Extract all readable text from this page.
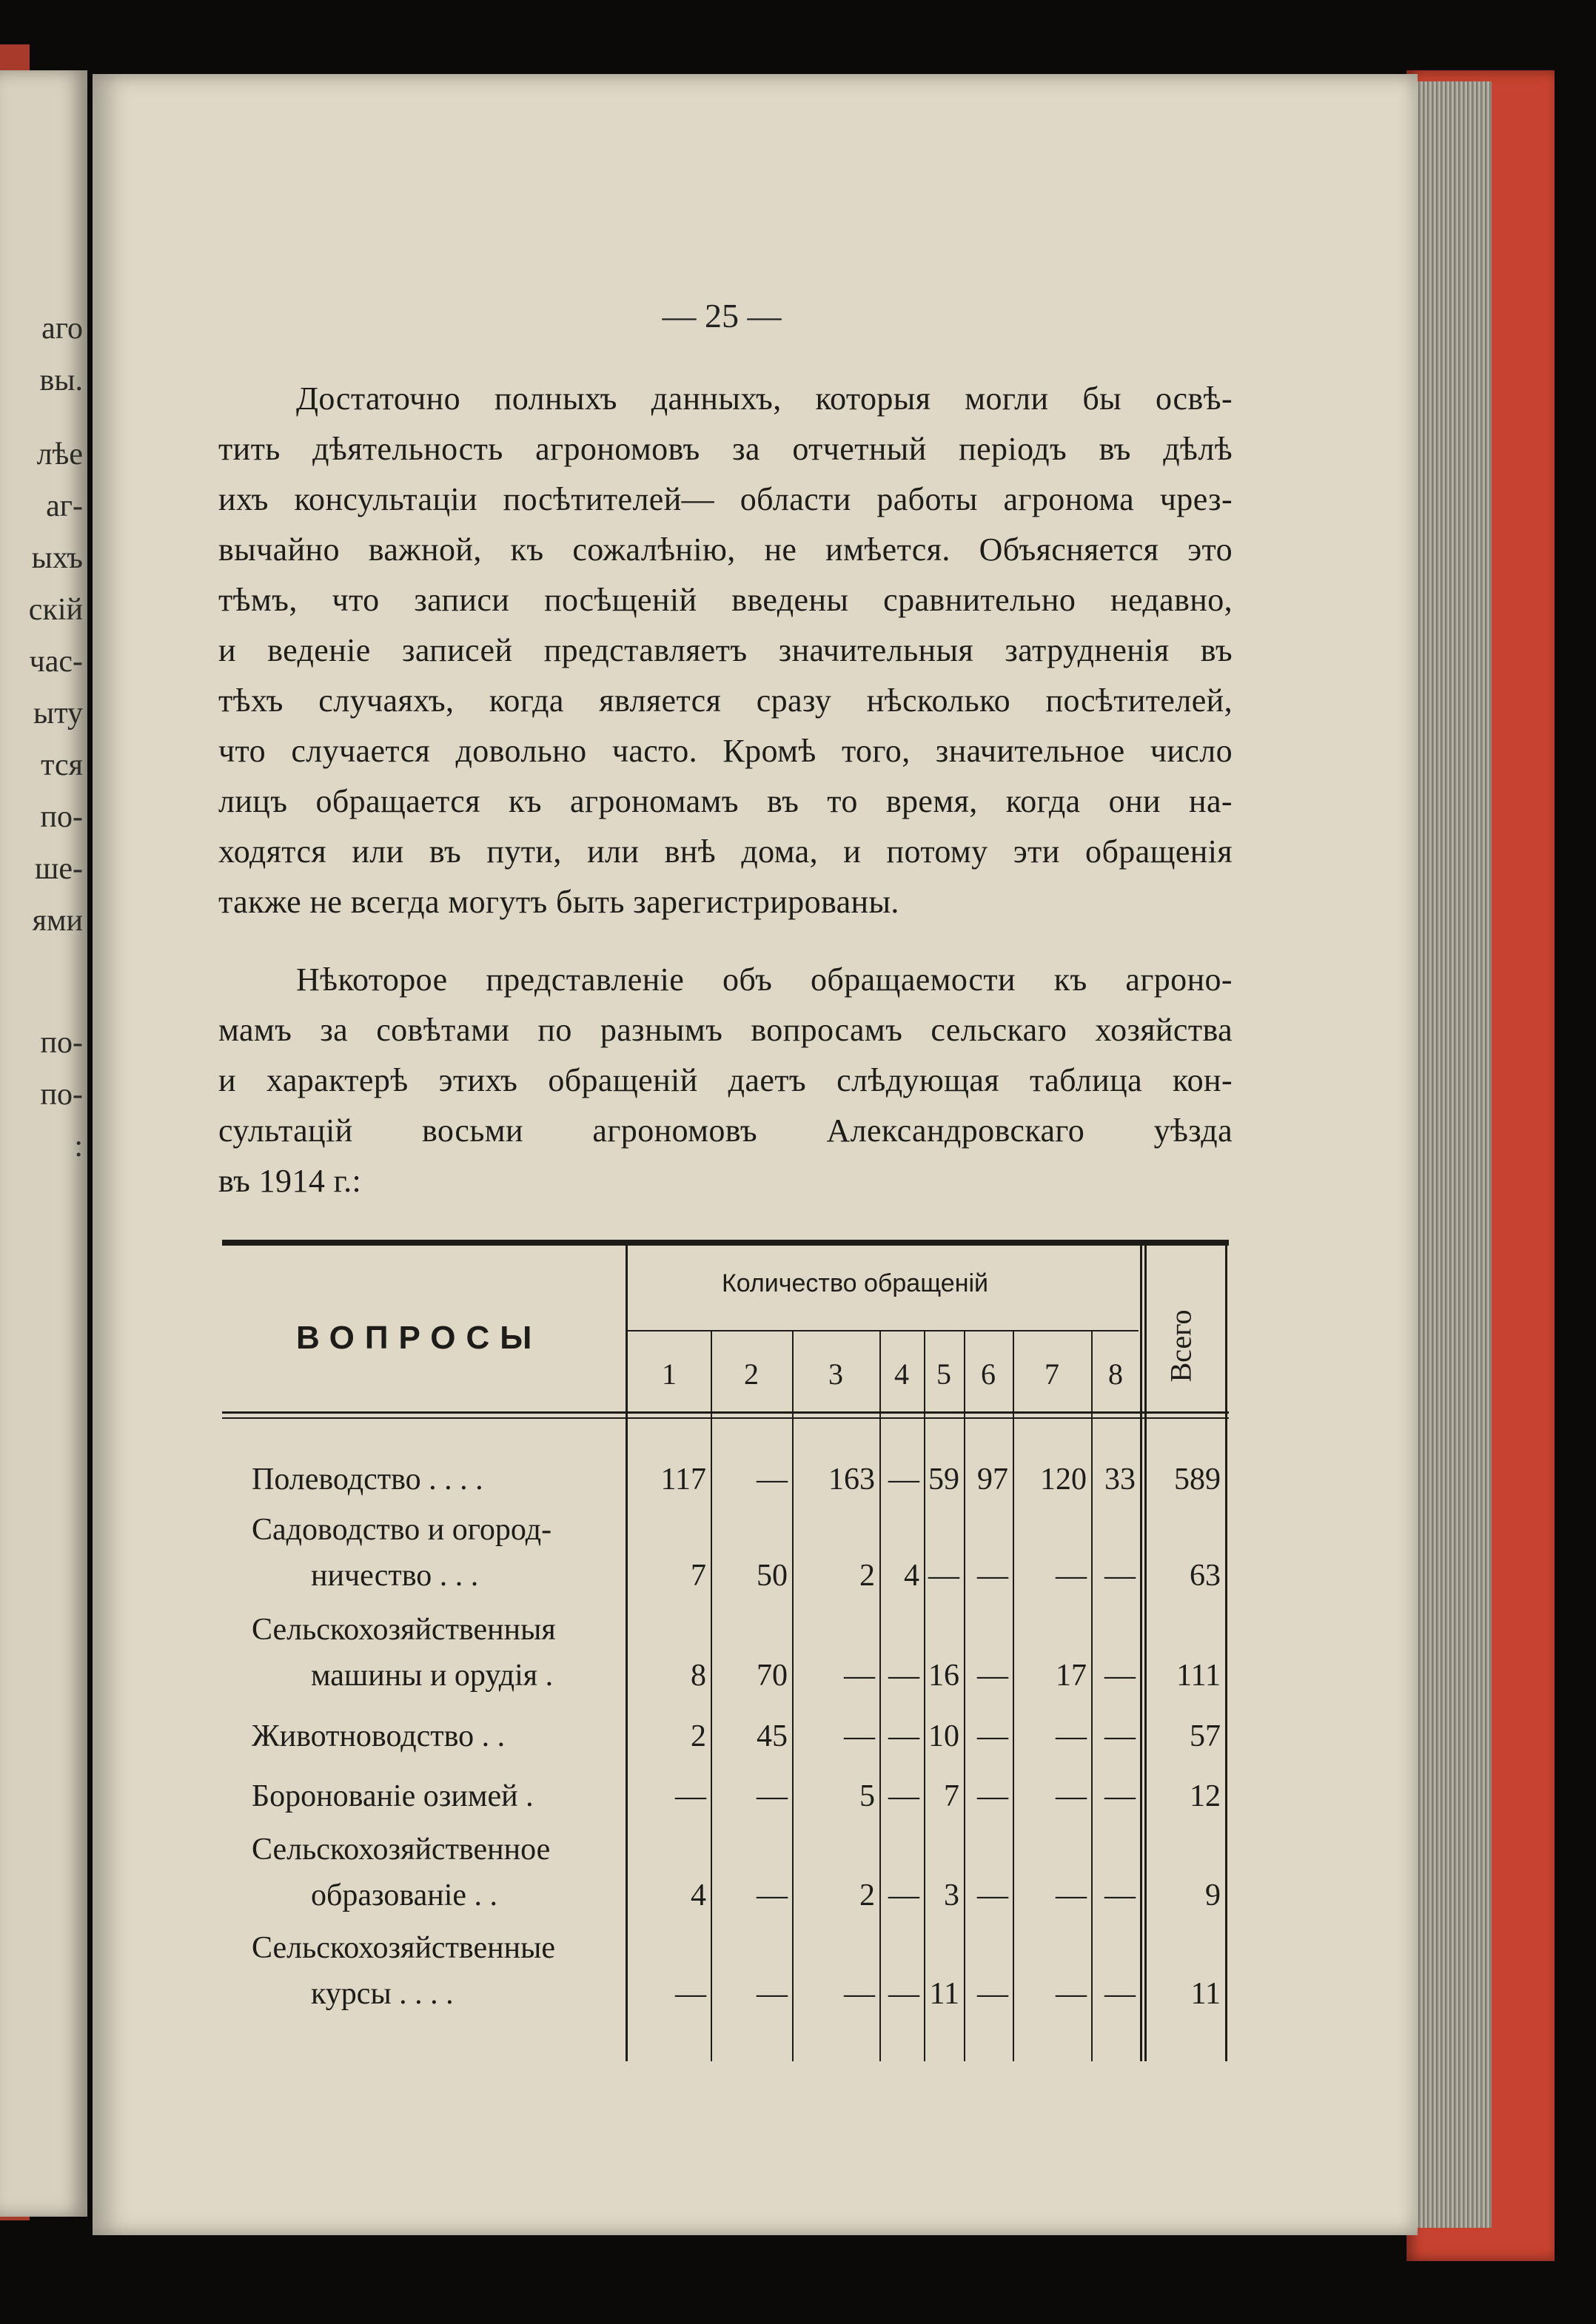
аго
вы.
лѣе
аг-
ыхъ
скій
час-
ыту
тся
по-
ше-
ями
по-
по-
:
— 25 —
Достаточно полныхъ данныхъ, которыя могли бы освѣ-
тить дѣятельность агрономовъ за отчетный періодъ въ дѣлѣ
ихъ консультаціи посѣтителей— области работы агронома чрез-
вычайно важной, къ сожалѣнію, не имѣется. Объясняется это
тѣмъ, что записи посѣщеній введены сравнительно недавно,
и веденіе записей представляетъ значительныя затрудненія въ
тѣхъ случаяхъ, когда является сразу нѣсколько посѣтителей,
что случается довольно часто. Кромѣ того, значительное число
лицъ обращается къ агрономамъ въ то время, когда они на-
ходятся или въ пути, или внѣ дома, и потому эти обращенія
также не всегда могутъ быть зарегистрированы.
Нѣкоторое представленіе объ обращаемости къ агроно-
мамъ за совѣтами по разнымъ вопросамъ сельскаго хозяйства
и характерѣ этихъ обращеній даетъ слѣдующая таблица кон-
сультацій восьми агрономовъ Александровскаго уѣзда
въ 1914 г.:
ВОПРОСЫ
Количество обращеній
Всего
1	2	3	4 5	6	7	8
Полеводство . . . .	117	—	163 — 59 97	120 33	589
Садоводство и огород-
ничество . . .	7	50	2 4 — —	— —	63
Сельскохозяйственныя
машины и орудія .	8	70	— — 16 —	17 —	111
Животноводство . .	2	45	— — 10 —	— —	57
Боронованіе озимей .	—	—	5 — 7 —	— —	12
Сельскохозяйственное
образованіе . .	4	—	2 — 3 —	— —	9
Сельскохозяйственные
курсы . . . .	—	—	— — 11 —	— —	11
